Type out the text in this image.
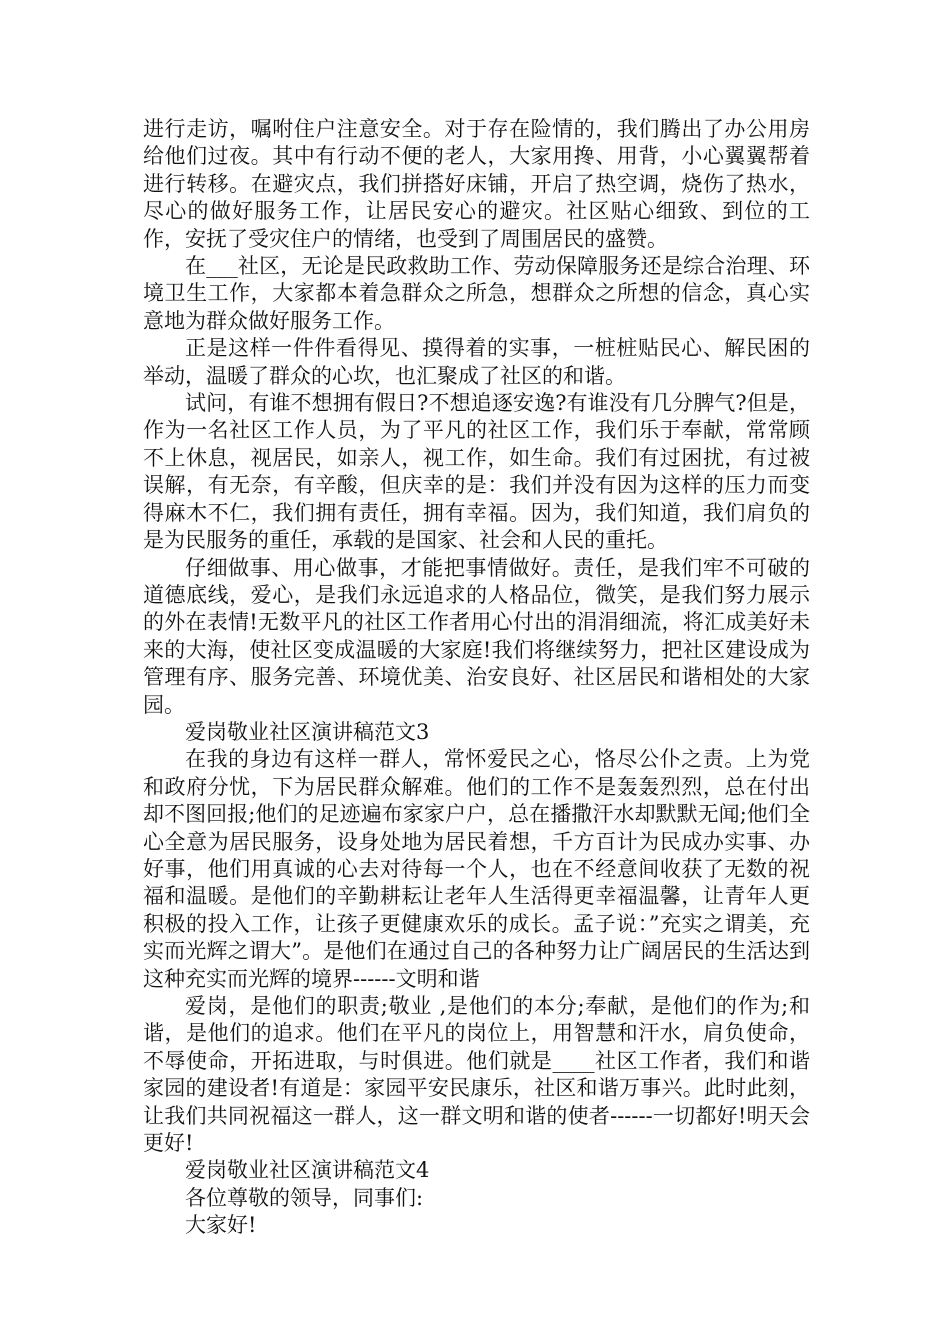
进行走访，嘱咐住户注意安全。对于存在险情的，我们腾出了办公用房给他们过夜。其中有行动不便的老人，大家用搀、用背，小心翼翼帮着进行转移。在避灾点，我们拼搭好床铺，开启了热空调，烧伤了热水，尽心的做好服务工作，让居民安心的避灾。社区贴心细致、到位的工作，安抚了受灾住户的情绪，也受到了周围居民的盛赞。

在___社区，无论是民政救助工作、劳动保障服务还是综合治理、环境卫生工作，大家都本着急群众之所急，想群众之所想的信念，真心实意地为群众做好服务工作。

正是这样一件件看得见、摸得着的实事，一桩桩贴民心、解民困的举动，温暖了群众的心坎，也汇聚成了社区的和谐。

试问，有谁不想拥有假日?不想追逐安逸?有谁没有几分脾气?但是，作为一名社区工作人员，为了平凡的社区工作，我们乐于奉献，常常顾不上休息，视居民，如亲人，视工作，如生命。我们有过困扰，有过被误解，有无奈，有辛酸，但庆幸的是：我们并没有因为这样的压力而变得麻木不仁，我们拥有责任，拥有幸福。因为，我们知道，我们肩负的是为民服务的重任，承载的是国家、社会和人民的重托。

仔细做事、用心做事，才能把事情做好。责任，是我们牢不可破的道德底线，爱心，是我们永远追求的人格品位，微笑，是我们努力展示的外在表情!无数平凡的社区工作者用心付出的涓涓细流，将汇成美好未来的大海，使社区变成温暖的大家庭!我们将继续努力，把社区建设成为管理有序、服务完善、环境优美、治安良好、社区居民和谐相处的大家园。

爱岗敬业社区演讲稿范文3

在我的身边有这样一群人，常怀爱民之心，恪尽公仆之责。上为党和政府分忧，下为居民群众解难。他们的工作不是轰轰烈烈，总在付出却不图回报;他们的足迹遍布家家户户，总在播撒汗水却默默无闻;他们全心全意为居民服务，设身处地为居民着想，千方百计为民成办实事、办好事，他们用真诚的心去对待每一个人，也在不经意间收获了无数的祝福和温暖。是他们的辛勤耕耘让老年人生活得更幸福温馨，让青年人更积极的投入工作，让孩子更健康欢乐的成长。孟子说：”充实之谓美，充实而光辉之谓大”。是他们在通过自己的各种努力让广阔居民的生活达到这种充实而光辉的境界------文明和谐

爱岗，是他们的职责;敬业 ,是他们的本分;奉献，是他们的作为;和谐，是他们的追求。他们在平凡的岗位上，用智慧和汗水，肩负使命，不辱使命，开拓进取，与时俱进。他们就是____社区工作者，我们和谐家园的建设者!有道是：家园平安民康乐，社区和谐万事兴。此时此刻，让我们共同祝福这一群人，这一群文明和谐的使者------一切都好!明天会更好!

爱岗敬业社区演讲稿范文4

各位尊敬的领导，同事们:

大家好!
